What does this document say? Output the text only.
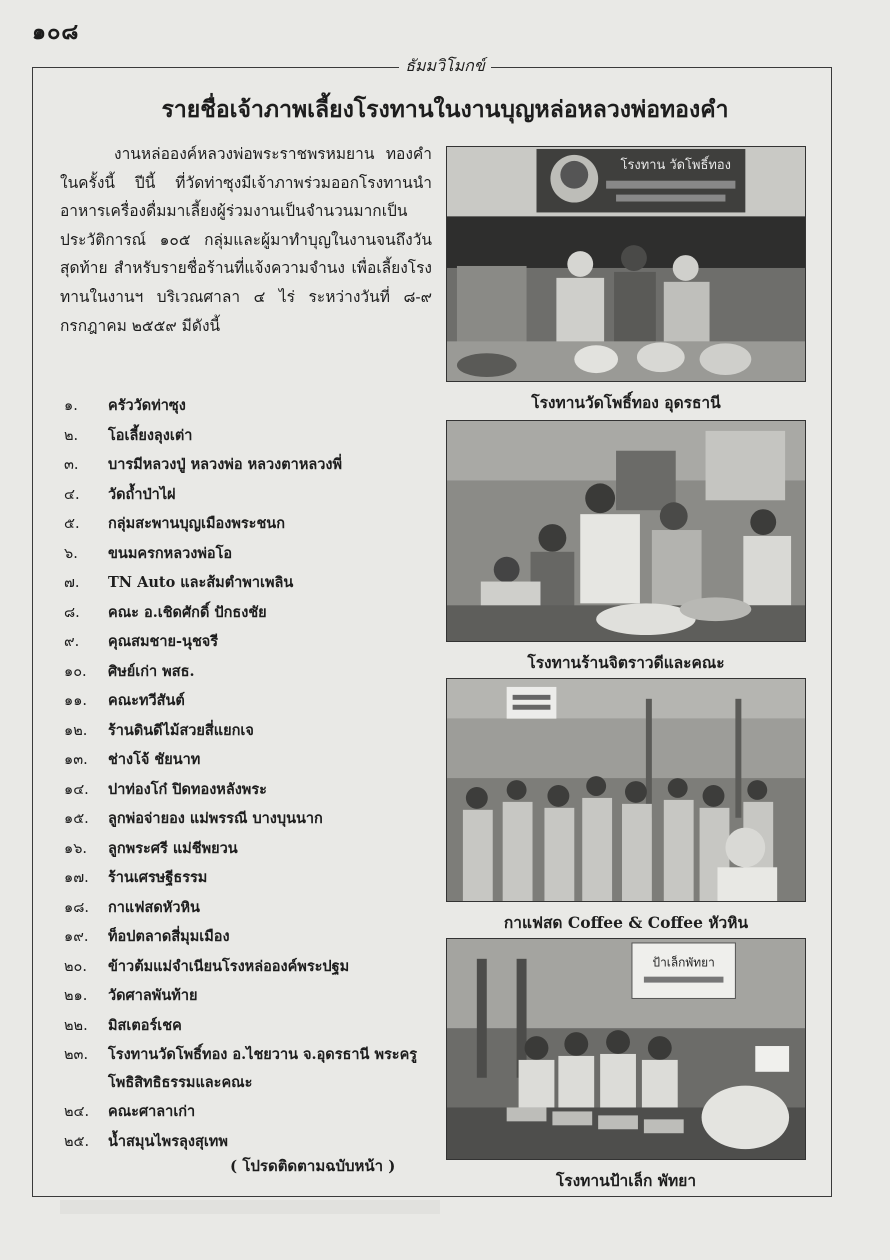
๑๐๘
ธัมมวิโมกข์
รายชื่อเจ้าภาพเลี้ยงโรงทานในงานบุญหล่อหลวงพ่อทองคำ
งานหล่อองค์หลวงพ่อพระราชพรหมยาน ทองคำในครั้งนี้ ปีนี้ ที่วัดท่าซุงมีเจ้าภาพร่วมออกโรงทานนำอาหารเครื่องดื่มมาเลี้ยงผู้ร่วมงานเป็นจำนวนมากเป็นประวัติการณ์ ๑๐๕ กลุ่มและผู้มาทำบุญในงานจนถึงวันสุดท้าย สำหรับรายชื่อร้านที่แจ้งความจำนง เพื่อเลี้ยงโรงทานในงานฯ บริเวณศาลา ๔ ไร่ ระหว่างวันที่ ๘-๙ กรกฎาคม ๒๕๕๙ มีดังนี้
๑.	ครัววัดท่าซุง
๒.	โอเลี้ยงลุงเต่า
๓.	บารมีหลวงปู่ หลวงพ่อ หลวงตาหลวงพี่
๔.	วัดถ้ำป่าไผ่
๕.	กลุ่มสะพานบุญเมืองพระชนก
๖.	ขนมครกหลวงพ่อโอ
๗.	TN Auto และส้มตำพาเพลิน
๘.	คณะ อ.เชิดศักดิ์ ปักธงชัย
๙.	คุณสมชาย-นุชจรี
๑๐.	ศิษย์เก่า พสธ.
๑๑.	คณะทวีสันต์
๑๒.	ร้านดินดีไม้สวยสี่แยกเจ
๑๓.	ช่างโจ้ ชัยนาท
๑๔.	ปาท่องโก๋ ปิดทองหลังพระ
๑๕.	ลูกพ่อจ่ายอง แม่พรรณี บางบุนนาก
๑๖.	ลูกพระศรี แม่ชีพยวน
๑๗.	ร้านเศรษฐีธรรม
๑๘.	กาแฟสดหัวหิน
๑๙.	ท็อปตลาดสี่มุมเมือง
๒๐.	ข้าวต้มแม่จำเนียนโรงหล่อองค์พระปฐม
๒๑.	วัดศาลพันท้าย
๒๒.	มิสเตอร์เชค
๒๓.	โรงทานวัดโพธิ์ทอง อ.ไชยวาน จ.อุดรธานี พระครูโพธิสิทธิธรรมและคณะ
๒๔.	คณะศาลาเก่า
๒๕.	น้ำสมุนไพรลุงสุเทพ
( โปรดติดตามฉบับหน้า )
โรงทาน วัดโพธิ์ทอง
โรงทานวัดโพธิ์ทอง อุดรธานี
โรงทานร้านจิตราวดีและคณะ
กาแฟสด Coffee & Coffee หัวหิน
ป้าเล็กพัทยา
โรงทานป้าเล็ก พัทยา
